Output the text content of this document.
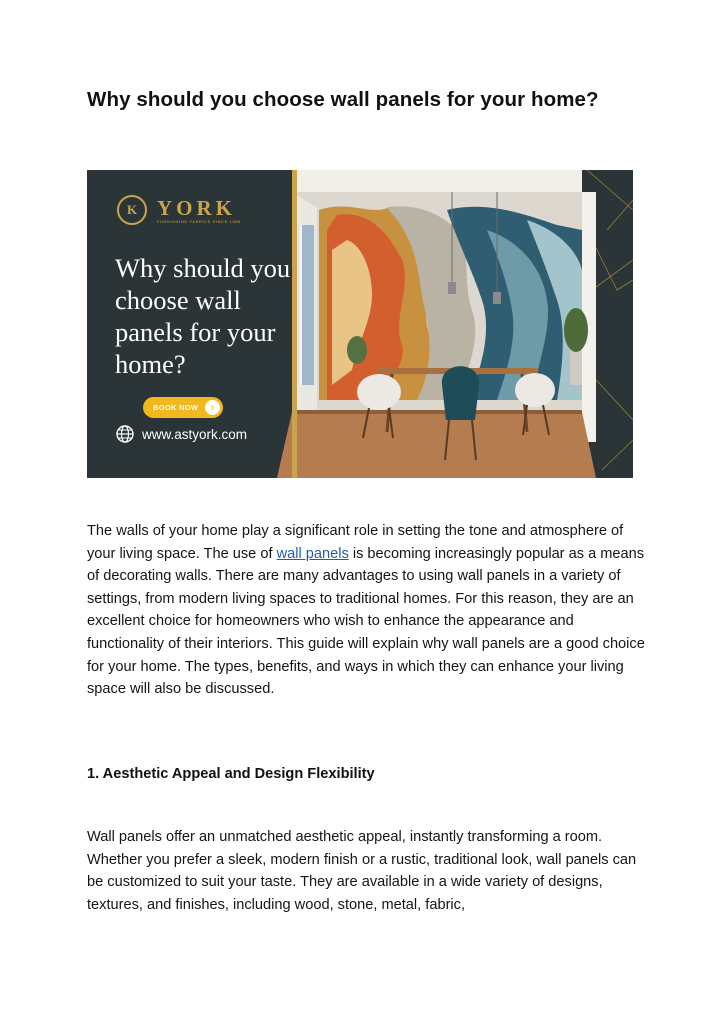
Why should you choose wall panels for your home?
K YORK
FURNISHING FABRICS SINCE 1988
Why should you choose wall panels for your home?
BOOK NOW	›
www.astyork.com

The walls of your home play a significant role in setting the tone and atmosphere of your living space. The use of wall panels is becoming increasingly popular as a means of decorating walls. There are many advantages to using wall panels in a variety of settings, from modern living spaces to traditional homes. For this reason, they are an excellent choice for homeowners who wish to enhance the appearance and functionality of their interiors. This guide will explain why wall panels are a good choice for your home. The types, benefits, and ways in which they can enhance your living space will also be discussed.

1. Aesthetic Appeal and Design Flexibility

Wall panels offer an unmatched aesthetic appeal, instantly transforming a room. Whether you prefer a sleek, modern finish or a rustic, traditional look, wall panels can be customized to suit your taste. They are available in a wide variety of designs, textures, and finishes, including wood, stone, metal, fabric,
